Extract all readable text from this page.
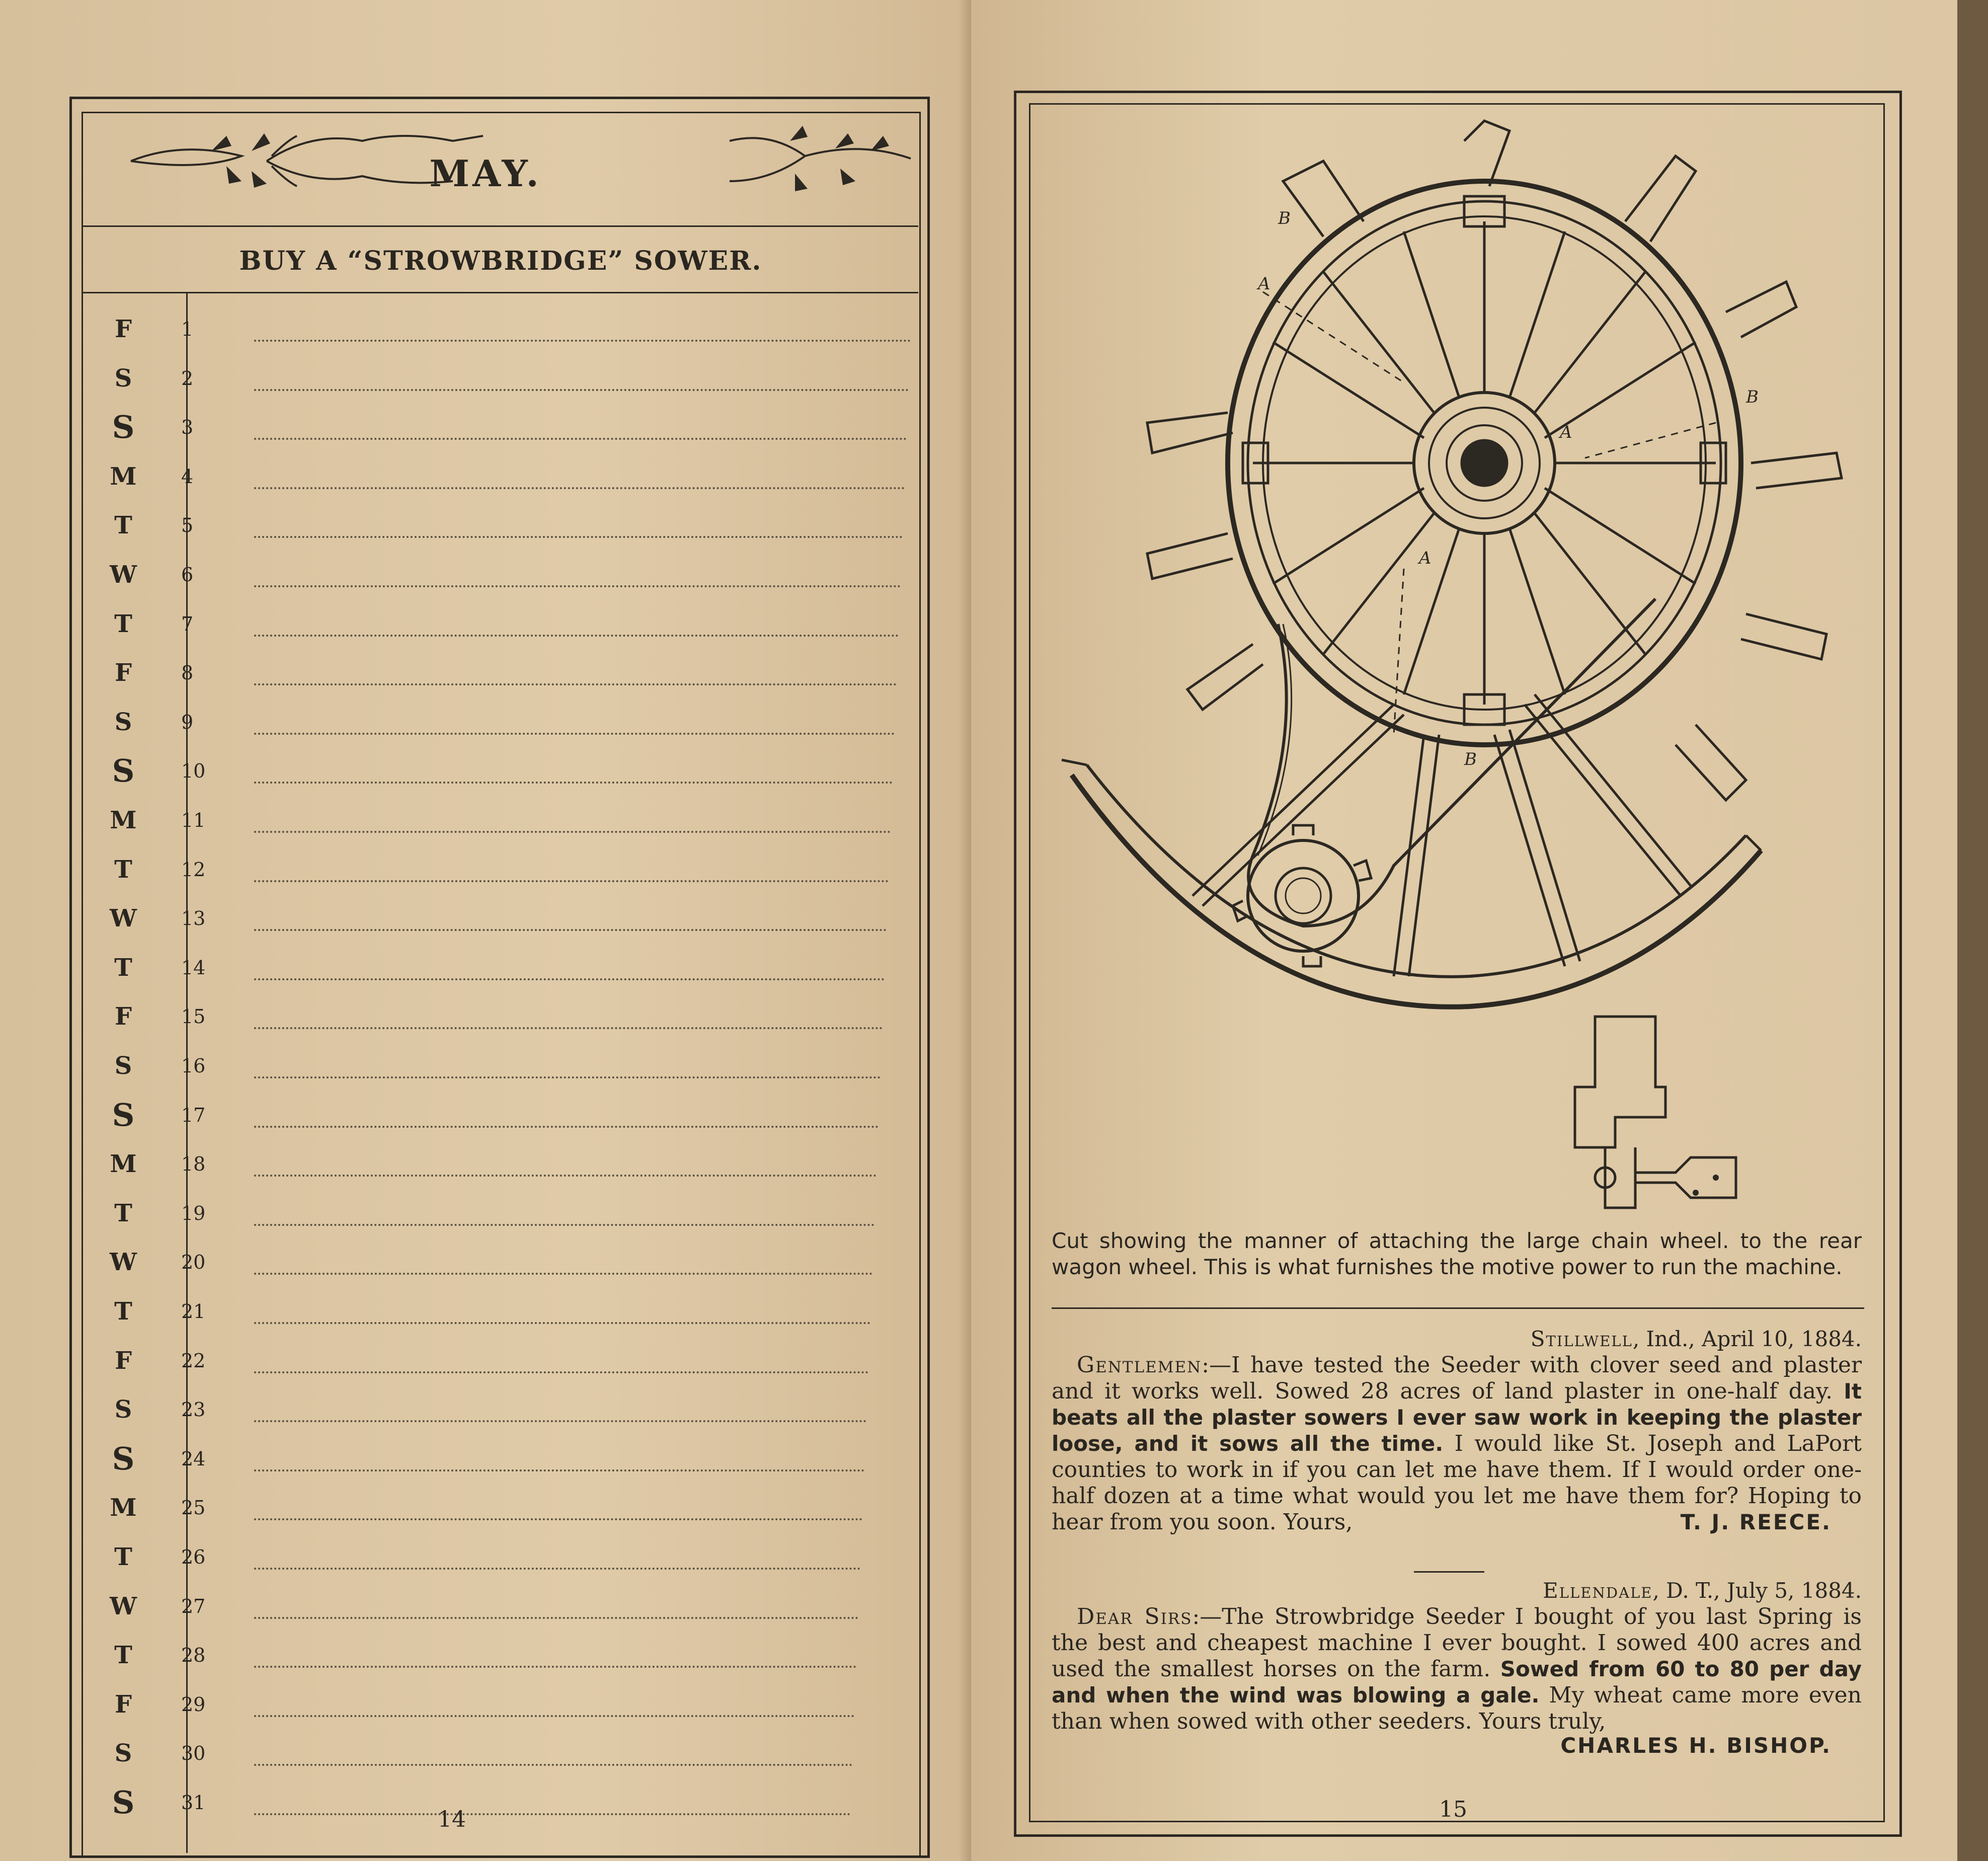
MAY.
BUY A “STROWBRIDGE” SOWER.
F	1
S	2
S	3
M	4
T	5
W	6
T	7
F	8
S	9
S	10
M	11
T	12
W	13
T	14
F	15
S	16
S	17
M	18
T	19
W	20
T	21
F	22
S	23
S	24
M	25
T	26
W	27
T	28
F	29
S	30
S	31
14
A
A
A
B
B
B
Cut showing the manner of attaching the large chain wheel. to the rear wagon wheel. This is what furnishes the motive power to run the machine.
Stillwell, Ind., April 10, 1884.
Gentlemen:—I have tested the Seeder with clover seed and plaster and it works well. Sowed 28 acres of land plaster in one-half day. It beats all the plaster sowers I ever saw work in keeping the plaster loose, and it sows all the time. I would like St. Joseph and LaPort counties to work in if you can let me have them. If I would order one-half dozen at a time what would you let me have them for? Hoping to hear from you soon. Yours,	T. J. REECE.
Ellendale, D. T., July 5, 1884.
Dear Sirs:—The Strowbridge Seeder I bought of you last Spring is the best and cheapest machine I ever bought. I sowed 400 acres and used the smallest horses on the farm. Sowed from 60 to 80 per day and when the wind was blowing a gale. My wheat came more even than when sowed with other seeders. Yours truly,
CHARLES H. BISHOP.
15
